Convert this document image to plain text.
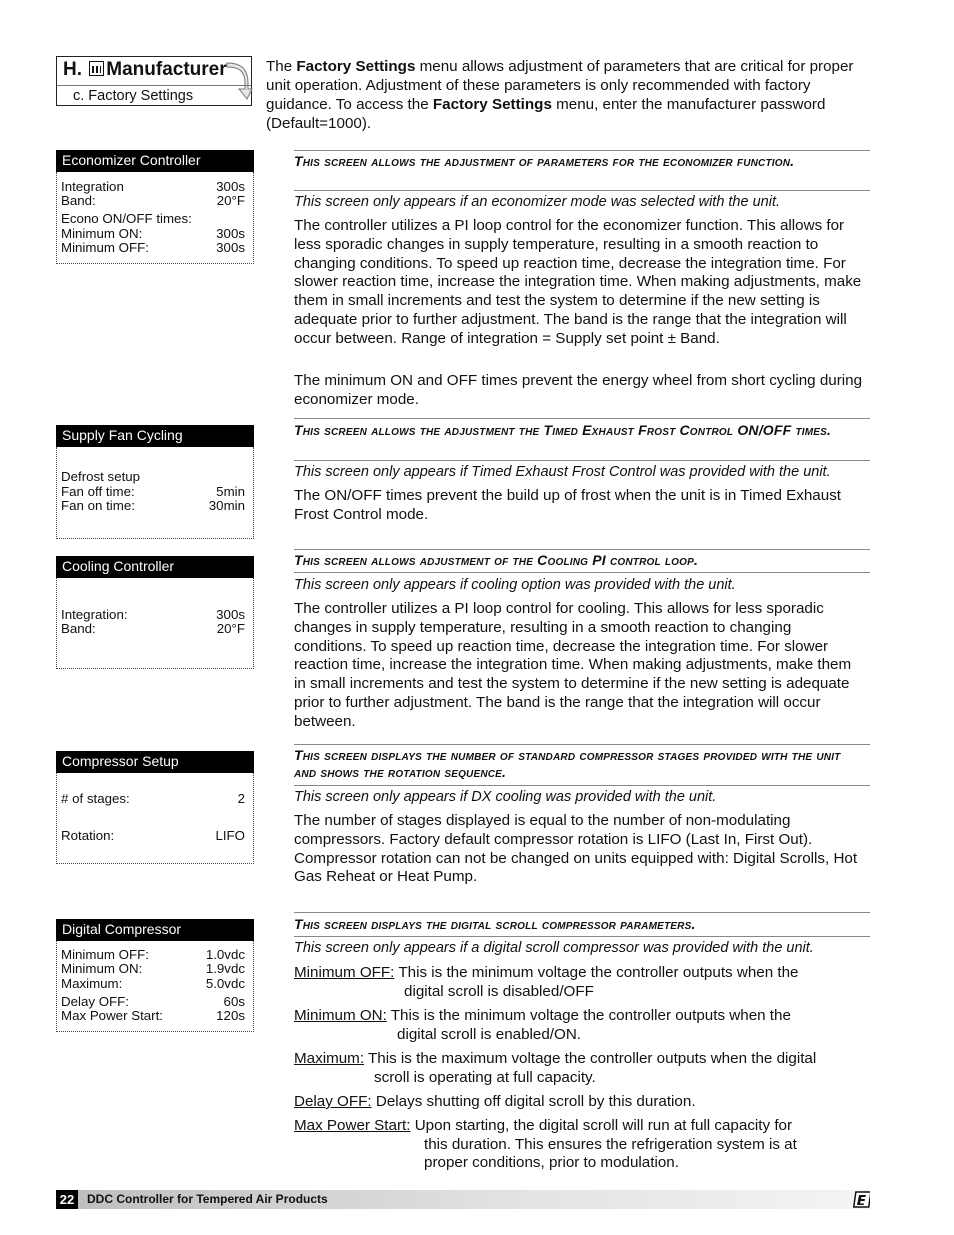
H. Manufacturer
c. Factory Settings
The Factory Settings menu allows adjustment of parameters that are critical for proper unit operation. Adjustment of these parameters is only recommended with factory guidance. To access the Factory Settings menu, enter the manufacturer password (Default=1000).
Economizer Controller
Integration	300s
Band:	20°F
Econo ON/OFF times:
Minimum ON:	300s
Minimum OFF:	300s
Supply Fan Cycling
Defrost setup
Fan off time:	5min
Fan on time:	30min
Cooling Controller
Integration:	300s
Band:	20°F
Compressor Setup
# of stages:	2
Rotation:	LIFO
Digital Compressor
Minimum OFF:	1.0vdc
Minimum ON:	1.9vdc
Maximum:	5.0vdc
Delay OFF:	60s
Max Power Start:	120s
This screen allows the adjustment of parameters for the economizer function.
This screen only appears if an economizer mode was selected with the unit.
The controller utilizes a PI loop control for the economizer function. This allows for less sporadic changes in supply temperature, resulting in a smooth reaction to changing conditions. To speed up reaction time, decrease the integration time. For slower reaction time, increase the integration time. When making adjustments, make them in small increments and test the system to determine if the new setting is adequate prior to further adjustment. The band is the range that the integration will occur between. Range of integration = Supply set point ± Band.
The minimum ON and OFF times prevent the energy wheel from short cycling during economizer mode.
This screen allows the adjustment the Timed Exhaust Frost Control ON/OFF times.
This screen only appears if Timed Exhaust Frost Control was provided with the unit.
The ON/OFF times prevent the build up of frost when the unit is in Timed Exhaust Frost Control mode.
This screen allows adjustment of the Cooling PI control loop.
This screen only appears if cooling option was provided with the unit.
The controller utilizes a PI loop control for cooling. This allows for less sporadic changes in supply temperature, resulting in a smooth reaction to changing conditions. To speed up reaction time, decrease the integration time. For slower reaction time, increase the integration time. When making adjustments, make them in small increments and test the system to determine if the new setting is adequate prior to further adjustment. The band is the range that the integration will occur between.
This screen displays the number of standard compressor stages provided with the unit and shows the rotation sequence.
This screen only appears if DX cooling was provided with the unit.
The number of stages displayed is equal to the number of non-modulating compressors. Factory default compressor rotation is LIFO (Last In, First Out). Compressor rotation can not be changed on units equipped with: Digital Scrolls, Hot Gas Reheat or Heat Pump.
This screen displays the digital scroll compressor parameters.
This screen only appears if a digital scroll compressor was provided with the unit.
Minimum OFF: This is the minimum voltage the controller outputs when the
digital scroll is disabled/OFF
Minimum ON: This is the minimum voltage the controller outputs when the
digital scroll is enabled/ON.
Maximum: This is the maximum voltage the controller outputs when the digital
scroll is operating at full capacity.
Delay OFF: Delays shutting off digital scroll by this duration.
Max Power Start: Upon starting, the digital scroll will run at full capacity for
this duration. This ensures the refrigeration system is at
proper conditions, prior to modulation.
22	DDC Controller for Tempered Air Products
